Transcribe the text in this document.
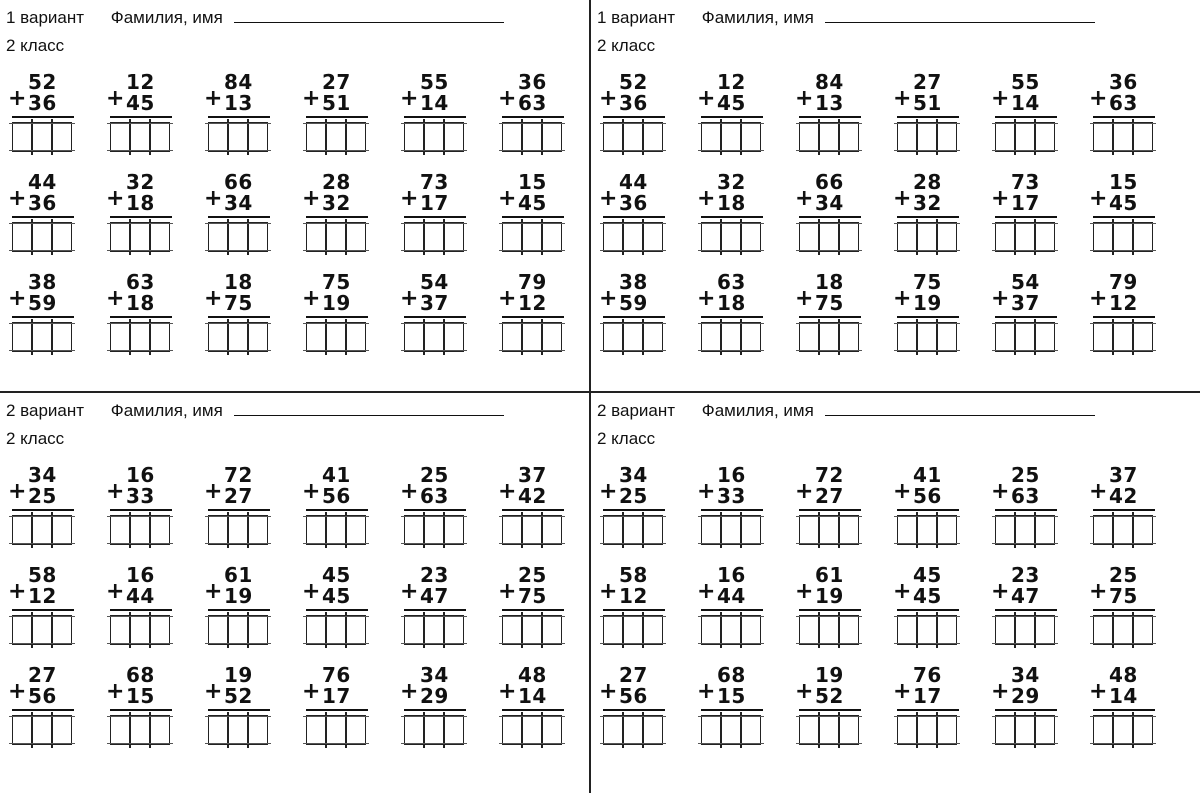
1 вариант Фамилия, имя
2 класс
+
52
36 +
12
45 +
84
13 +
27
51 +
55
14 +
36
63
+
44
36 +
32
18 +
66
34 +
28
32 +
73
17 +
15
45
+
38
59 +
63
18 +
18
75 +
75
19 +
54
37 +
79
12
1 вариант Фамилия, имя
2 класс
+
52
36 +
12
45 +
84
13 +
27
51 +
55
14 +
36
63
+
44
36 +
32
18 +
66
34 +
28
32 +
73
17 +
15
45
+
38
59 +
63
18 +
18
75 +
75
19 +
54
37 +
79
12
2 вариант Фамилия, имя
2 класс
+
34
25 +
16
33 +
72
27 +
41
56 +
25
63 +
37
42
+
58
12 +
16
44 +
61
19 +
45
45 +
23
47 +
25
75
+
27
56 +
68
15 +
19
52 +
76
17 +
34
29 +
48
14
2 вариант Фамилия, имя
2 класс
+
34
25 +
16
33 +
72
27 +
41
56 +
25
63 +
37
42
+
58
12 +
16
44 +
61
19 +
45
45 +
23
47 +
25
75
+
27
56 +
68
15 +
19
52 +
76
17 +
34
29 +
48
14
